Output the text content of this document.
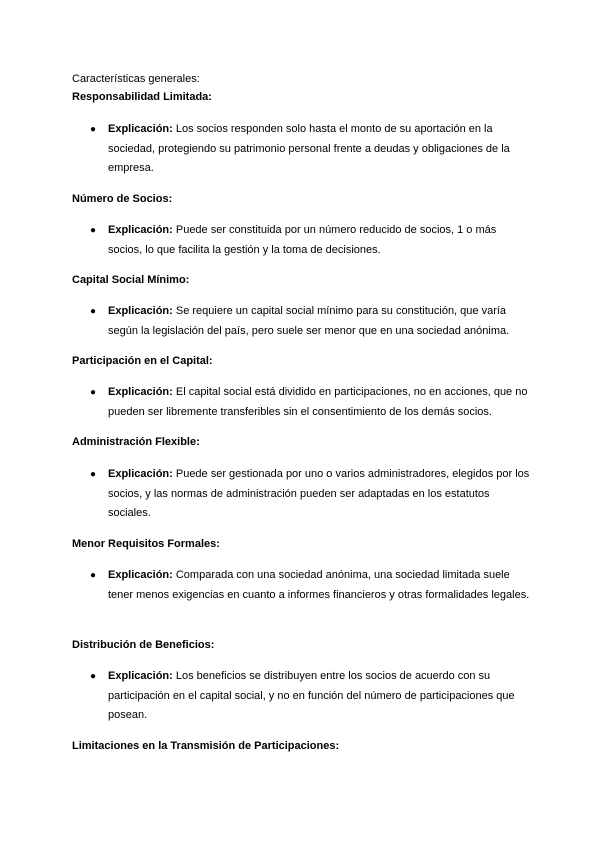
Características generales:
Responsabilidad Limitada:
● Explicación: Los socios responden solo hasta el monto de su aportación en la sociedad, protegiendo su patrimonio personal frente a deudas y obligaciones de la empresa.
Número de Socios:
● Explicación: Puede ser constituida por un número reducido de socios, 1 o más socios, lo que facilita la gestión y la toma de decisiones.
Capital Social Mínimo:
● Explicación: Se requiere un capital social mínimo para su constitución, que varía según la legislación del país, pero suele ser menor que en una sociedad anónima.
Participación en el Capital:
● Explicación: El capital social está dividido en participaciones, no en acciones, que no pueden ser libremente transferibles sin el consentimiento de los demás socios.
Administración Flexible:
● Explicación: Puede ser gestionada por uno o varios administradores, elegidos por los socios, y las normas de administración pueden ser adaptadas en los estatutos sociales.
Menor Requisitos Formales:
● Explicación: Comparada con una sociedad anónima, una sociedad limitada suele tener menos exigencias en cuanto a informes financieros y otras formalidades legales.
Distribución de Beneficios:
● Explicación: Los beneficios se distribuyen entre los socios de acuerdo con su participación en el capital social, y no en función del número de participaciones que posean.
Limitaciones en la Transmisión de Participaciones:
